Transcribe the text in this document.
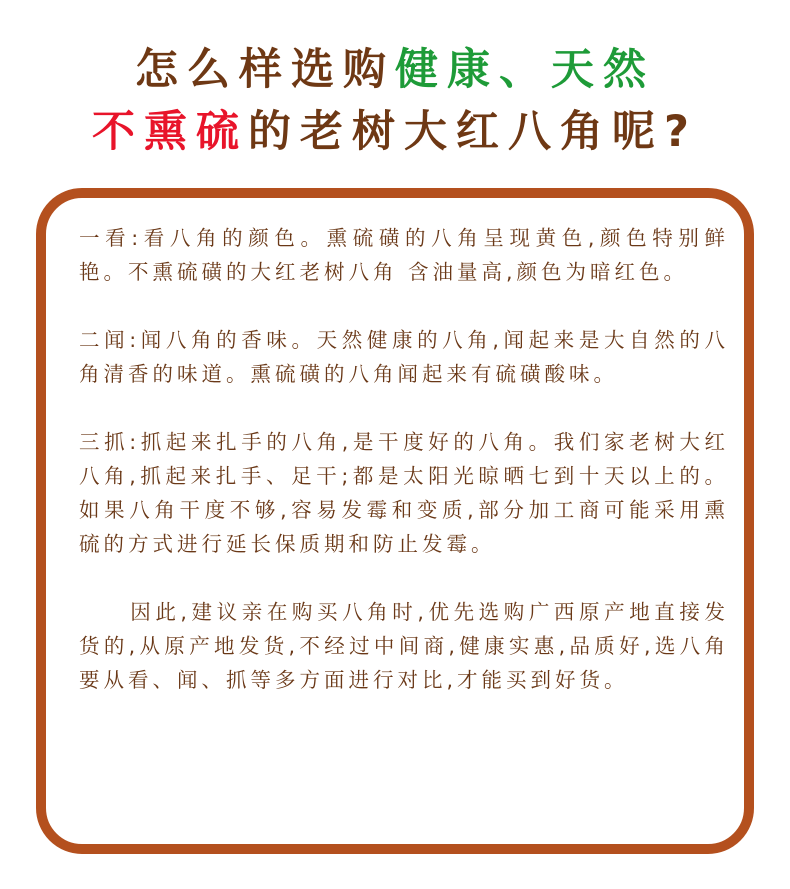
怎么样选购健康、天然
不熏硫的老树大红八角呢?

一看:看八角的颜色。熏硫磺的八角呈现黄色,颜色特别鲜艳。不熏硫磺的大红老树八角 含油量高,颜色为暗红色。

二闻:闻八角的香味。天然健康的八角,闻起来是大自然的八角清香的味道。熏硫磺的八角闻起来有硫磺酸味。

三抓:抓起来扎手的八角,是干度好的八角。我们家老树大红八角,抓起来扎手、足干;都是太阳光晾晒七到十天以上的。如果八角干度不够,容易发霉和变质,部分加工商可能采用熏硫的方式进行延长保质期和防止发霉。

因此,建议亲在购买八角时,优先选购广西原产地直接发货的,从原产地发货,不经过中间商,健康实惠,品质好,选八角要从看、闻、抓等多方面进行对比,才能买到好货。
